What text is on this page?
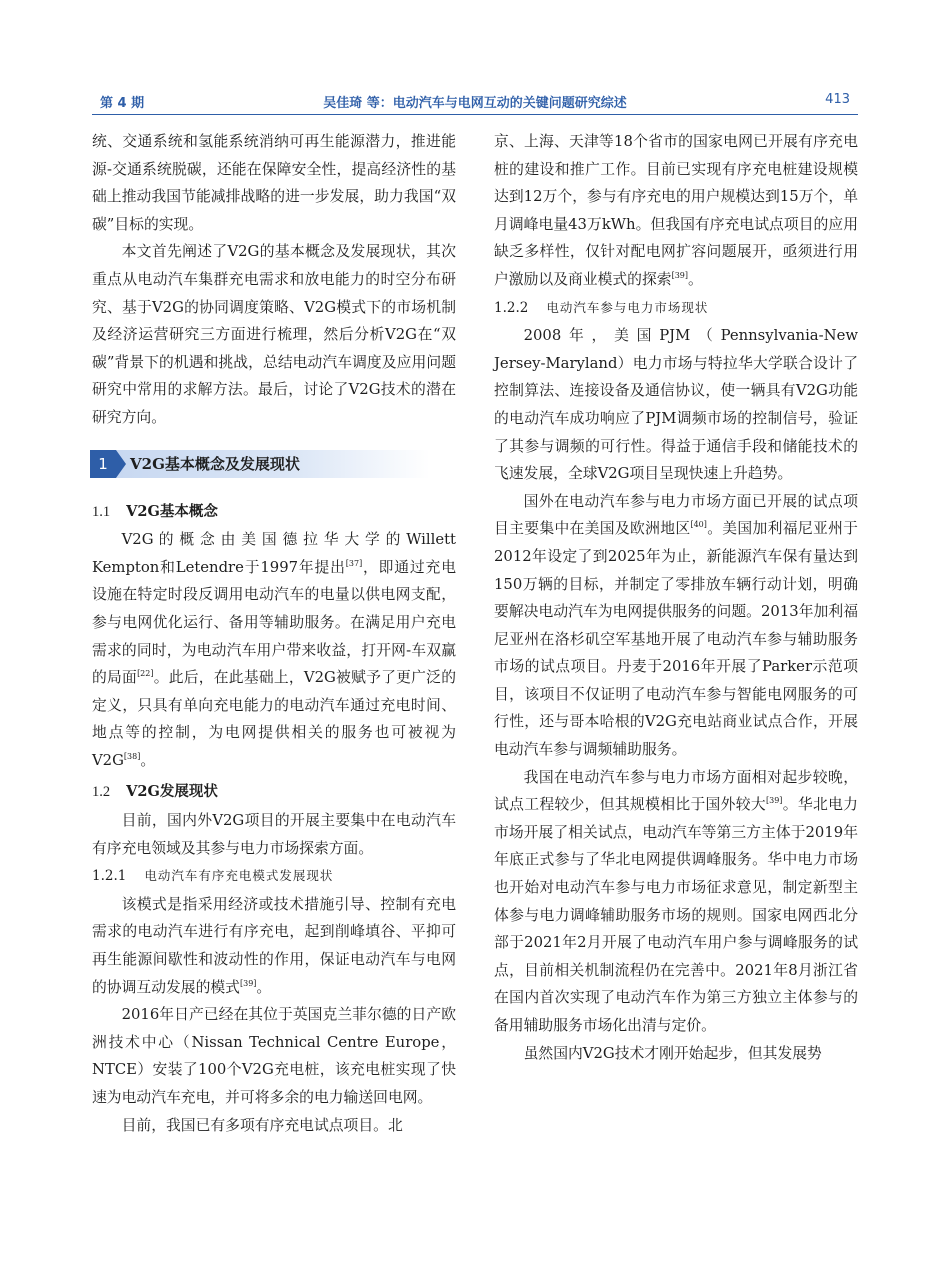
第 4 期	吴佳琦 等：电动汽车与电网互动的关键问题研究综述	413

统、交通系统和氢能系统消纳可再生能源潜力，推进能源-交通系统脱碳，还能在保障安全性，提高经济性的基础上推动我国节能减排战略的进一步发展，助力我国“双碳”目标的实现。

本文首先阐述了V2G的基本概念及发展现状，其次重点从电动汽车集群充电需求和放电能力的时空分布研究、基于V2G的协同调度策略、V2G模式下的市场机制及经济运营研究三方面进行梳理，然后分析V2G在“双碳”背景下的机遇和挑战，总结电动汽车调度及应用问题研究中常用的求解方法。最后，讨论了V2G技术的潜在研究方向。

1	V2G基本概念及发展现状
1.1 V2G基本概念

V2G 的 概 念 由 美 国 德 拉 华 大 学 的 Willett Kempton和Letendre于1997年提出[37]，即通过充电设施在特定时段反调用电动汽车的电量以供电网支配，参与电网优化运行、备用等辅助服务。在满足用户充电需求的同时，为电动汽车用户带来收益，打开网-车双赢的局面[22]。此后，在此基础上，V2G被赋予了更广泛的定义，只具有单向充电能力的电动汽车通过充电时间、地点等的控制，为电网提供相关的服务也可被视为V2G[38]。

1.2 V2G发展现状

目前，国内外V2G项目的开展主要集中在电动汽车有序充电领域及其参与电力市场探索方面。

1.2.1 电动汽车有序充电模式发展现状

该模式是指采用经济或技术措施引导、控制有充电需求的电动汽车进行有序充电，起到削峰填谷、平抑可再生能源间歇性和波动性的作用，保证电动汽车与电网的协调互动发展的模式[39]。

2016年日产已经在其位于英国克兰菲尔德的日产欧洲技术中心（Nissan Technical Centre Europe，NTCE）安装了100个V2G充电桩，该充电桩实现了快速为电动汽车充电，并可将多余的电力输送回电网。

目前，我国已有多项有序充电试点项目。北

京、上海、天津等18个省市的国家电网已开展有序充电桩的建设和推广工作。目前已实现有序充电桩建设规模达到12万个，参与有序充电的用户规模达到15万个，单月调峰电量43万kWh。但我国有序充电试点项目的应用缺乏多样性，仅针对配电网扩容问题展开，亟须进行用户激励以及商业模式的探索[39]。

1.2.2 电动汽车参与电力市场现状

2008年，美国PJM（Pennsylvania-New Jersey-Maryland）电力市场与特拉华大学联合设计了控制算法、连接设备及通信协议，使一辆具有V2G功能的电动汽车成功响应了PJM调频市场的控制信号，验证了其参与调频的可行性。得益于通信手段和储能技术的飞速发展，全球V2G项目呈现快速上升趋势。

国外在电动汽车参与电力市场方面已开展的试点项目主要集中在美国及欧洲地区[40]。美国加利福尼亚州于2012年设定了到2025年为止，新能源汽车保有量达到150万辆的目标，并制定了零排放车辆行动计划，明确要解决电动汽车为电网提供服务的问题。2013年加利福尼亚州在洛杉矶空军基地开展了电动汽车参与辅助服务市场的试点项目。丹麦于2016年开展了Parker示范项目，该项目不仅证明了电动汽车参与智能电网服务的可行性，还与哥本哈根的V2G充电站商业试点合作，开展电动汽车参与调频辅助服务。

我国在电动汽车参与电力市场方面相对起步较晚，试点工程较少，但其规模相比于国外较大[39]。华北电力市场开展了相关试点，电动汽车等第三方主体于2019年年底正式参与了华北电网提供调峰服务。华中电力市场也开始对电动汽车参与电力市场征求意见，制定新型主体参与电力调峰辅助服务市场的规则。国家电网西北分部于2021年2月开展了电动汽车用户参与调峰服务的试点，目前相关机制流程仍在完善中。2021年8月浙江省在国内首次实现了电动汽车作为第三方独立主体参与的备用辅助服务市场化出清与定价。

虽然国内V2G技术才刚开始起步，但其发展势
